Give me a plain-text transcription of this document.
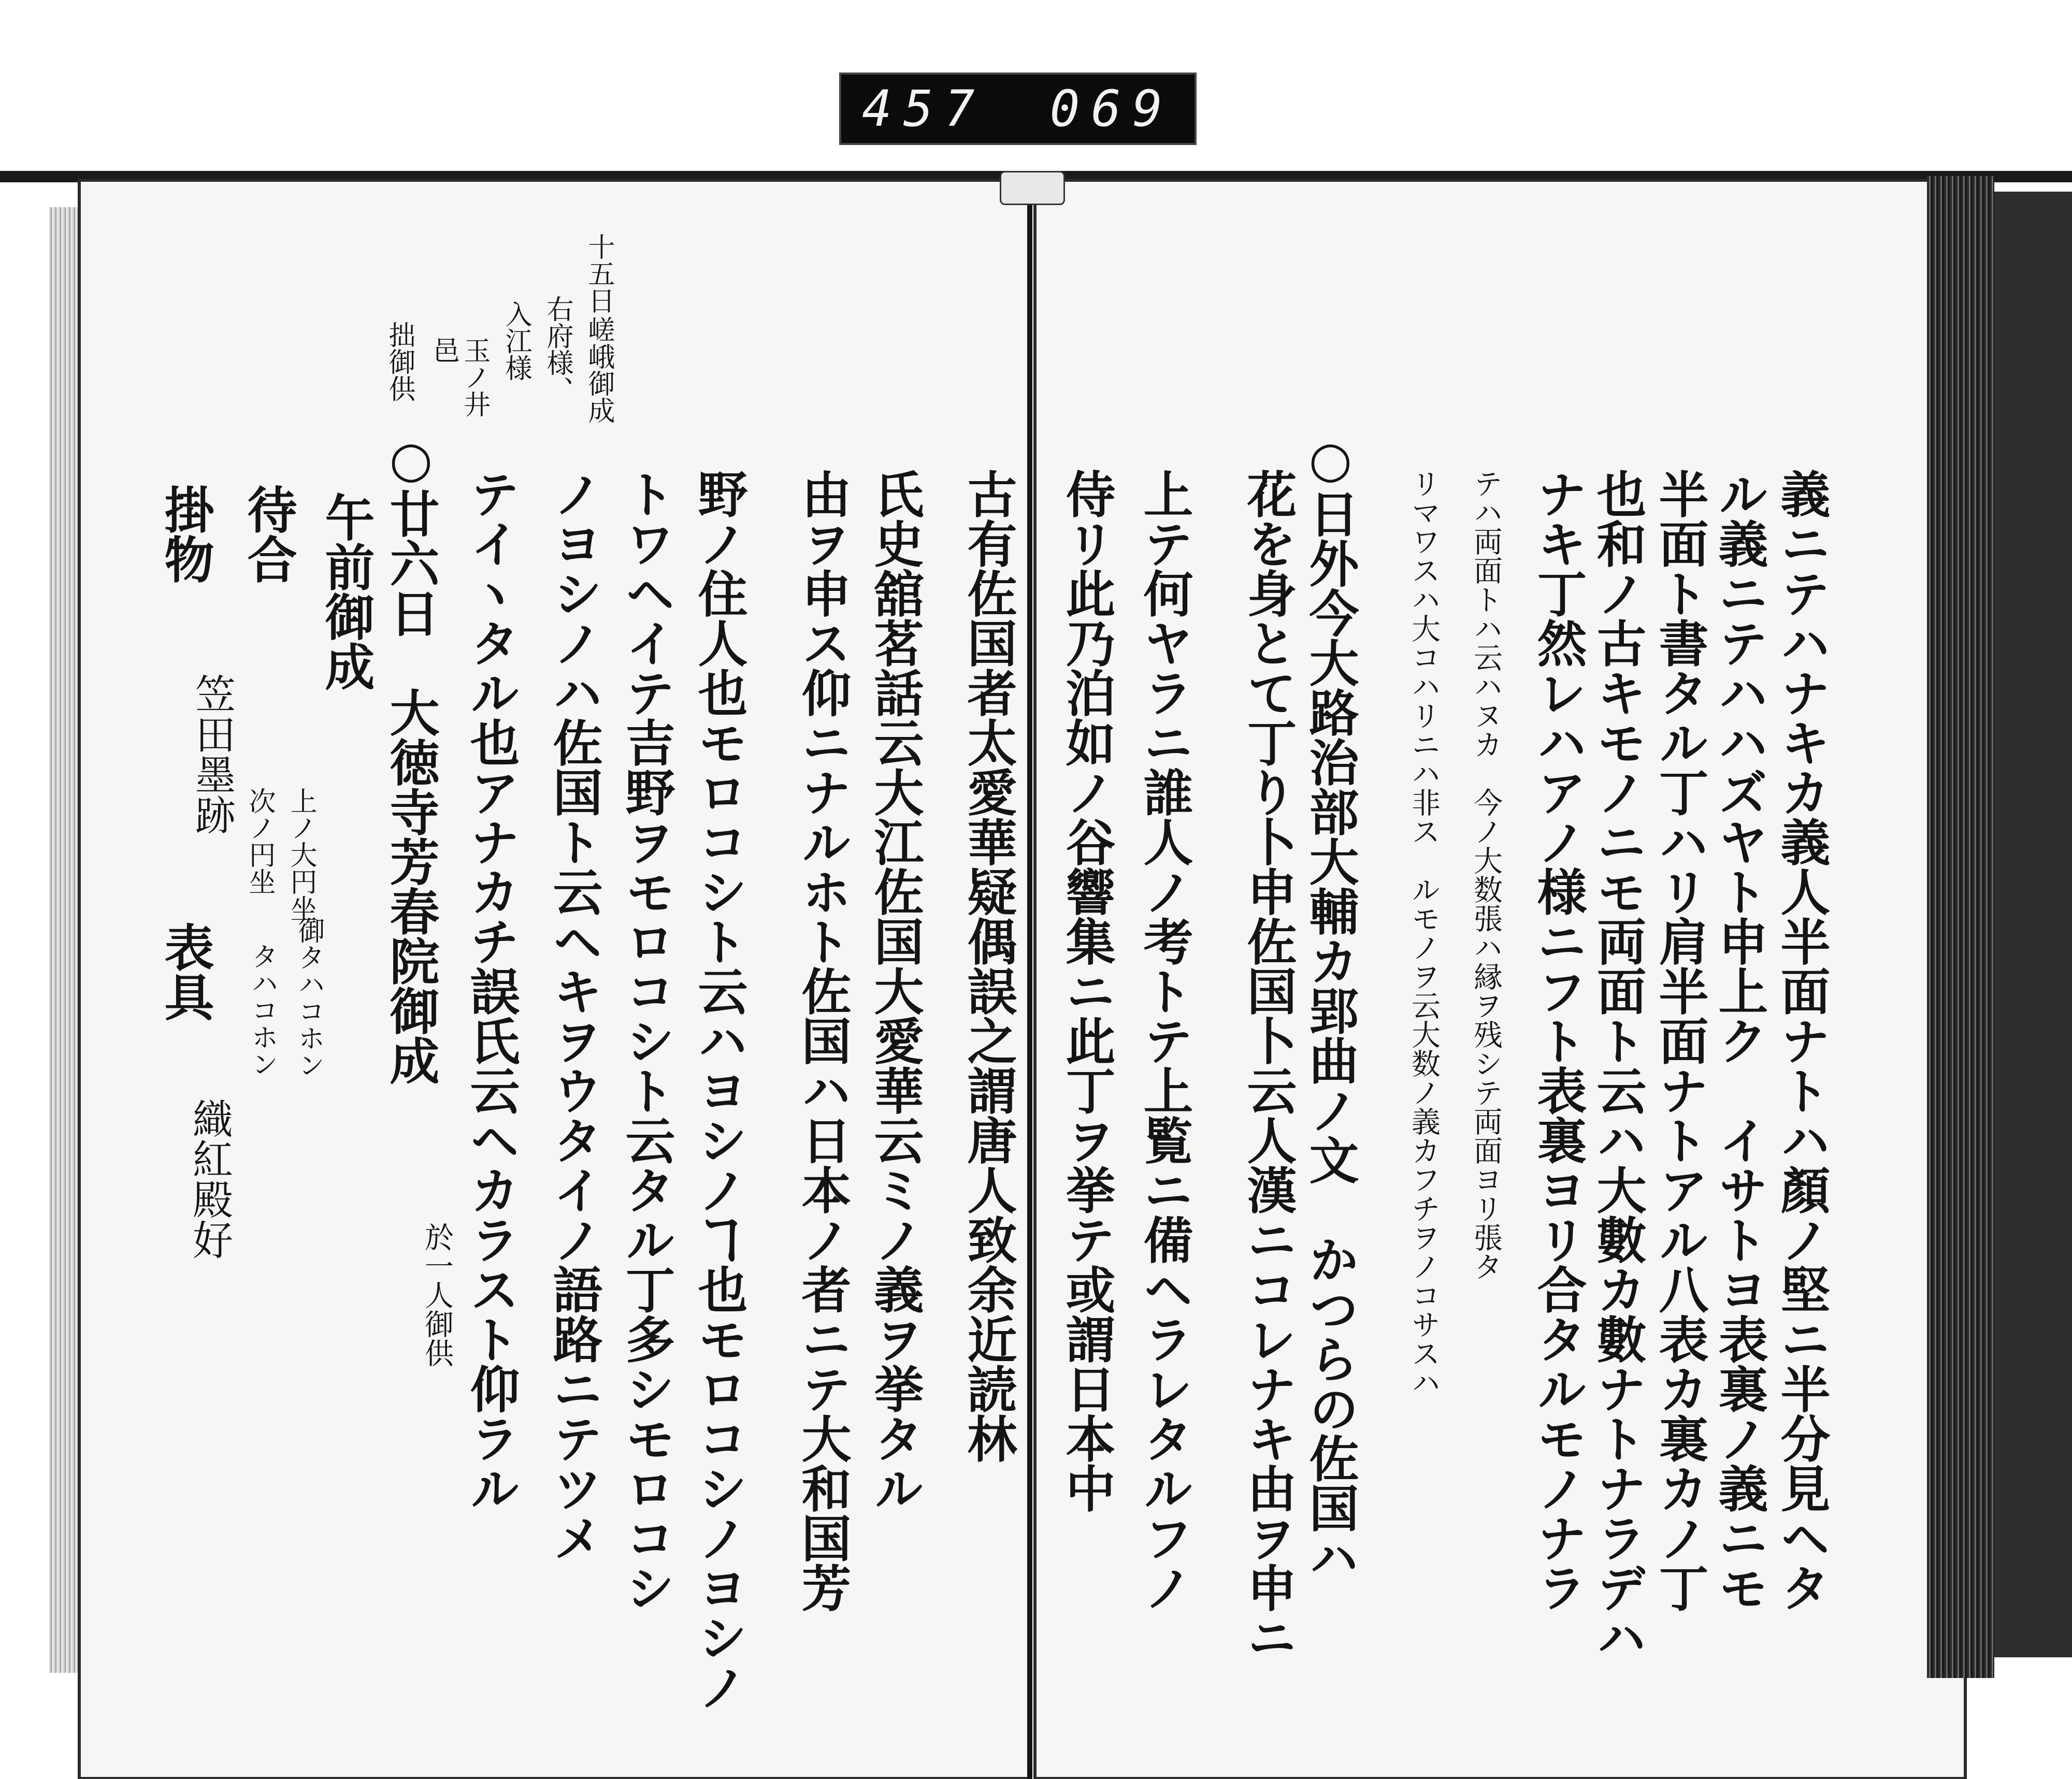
457 069
義ニテハナキカ義人半面ナトハ顏ノ堅ニ半分見ヘタ
ル義ニテハハズヤト申上ク　イサトヨ表裏ノ義ニモ
半面ト書タル丁ハリ肩半面ナトアル八表カ裏カノ丁
也和ノ古キモノニモ両面ト云ハ大數カ數ナトナラデハ
ナキ丁然レハアノ様ニフト表裏ヨリ合タルモノナラ
テハ両面トハ云ハヌカ　今ノ大数張ハ縁ヲ残シテ両面ヨリ張タ
リマワスハ大コハリニハ非ス　ルモノヲ云大数ノ義カフチヲノコサスハ
○日外今大路治部大輔カ郢曲ノ文　かつらの佐国ハ
花を身とて丁り卜申佐国卜云人漢ニコレナキ由ヲ申ニ
上テ何ヤラニ誰人ノ考トテ上覧ニ備ヘラレタルフノ
侍リ此乃泊如ノ谷響集ニ此丁ヲ挙テ或謂日本中
古有佐国者太愛華疑偶誤之謂唐人致余近読林
氏史舘茗話云大江佐国大愛華云ミノ義ヲ挙タル
由ヲ申ス仰ニナルホト佐国ハ日本ノ者ニテ大和国芳
野ノ住人也モロコシト云ハヨシノヿ也モロコシノヨシノ
トワヘイテ吉野ヲモロコシト云タル丁多シモロコシ
ノヨシノハ佐国ト云ヘキヲウタイノ語路ニテツメ
テイヽタル也アナカチ誤氏云ヘカラスト仰ラル
○廿六日　大徳寺芳春院御成
於一人御供
十五日
嵯峨御成
右府様、
入江様
玉ノ井
邑
拙御供
午前御成
待合
上ノ大円坐
次ノ円坐
掛物
笠田墨跡
表具
織紅殿好
御タハコホン
タハコホン
